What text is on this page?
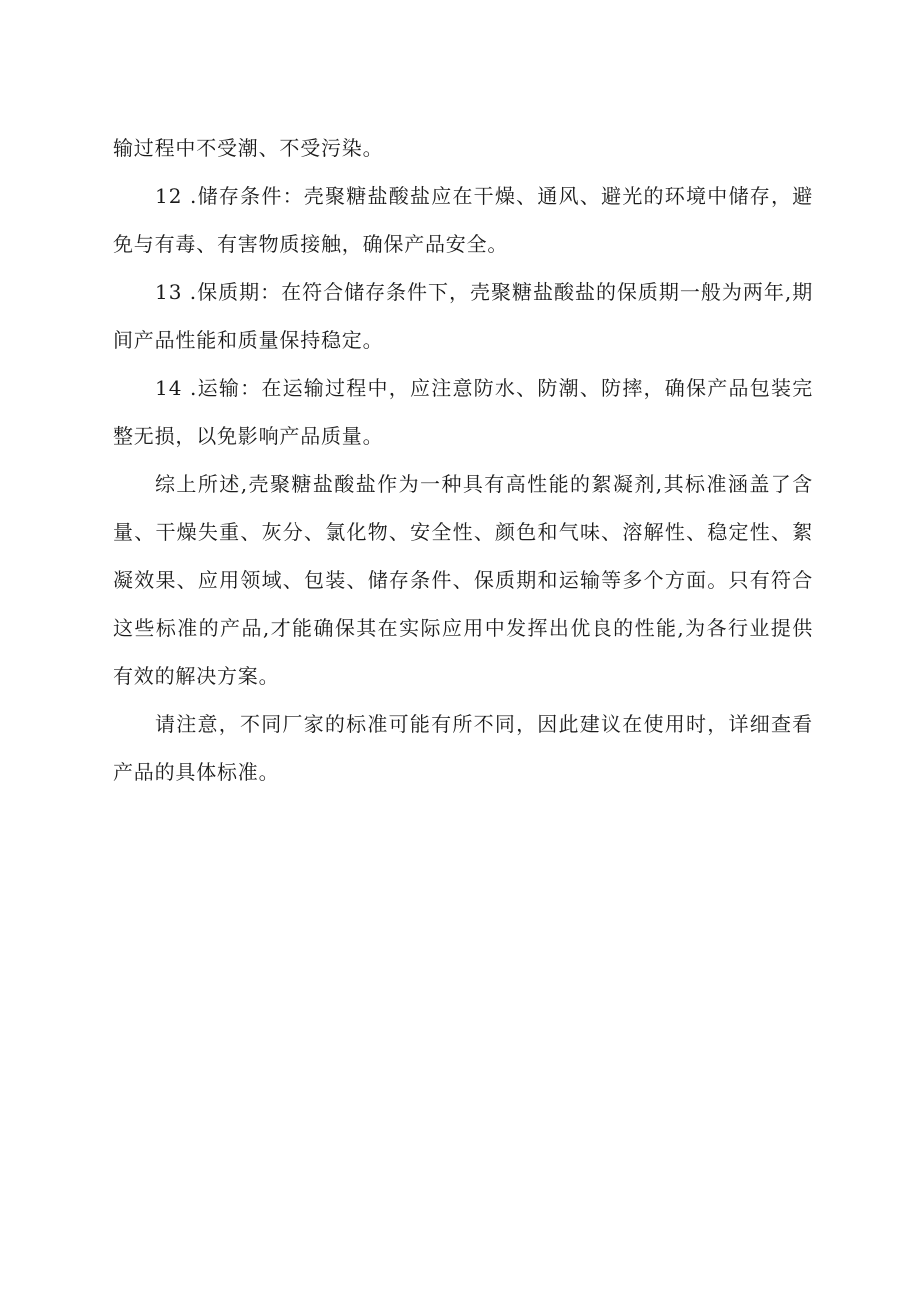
输过程中不受潮、不受污染。

12 .储存条件：壳聚糖盐酸盐应在干燥、通风、避光的环境中储存，避免与有毒、有害物质接触，确保产品安全。

13 .保质期：在符合储存条件下，壳聚糖盐酸盐的保质期一般为两年,期间产品性能和质量保持稳定。

14 .运输：在运输过程中，应注意防水、防潮、防摔，确保产品包装完整无损，以免影响产品质量。

综上所述,壳聚糖盐酸盐作为一种具有高性能的絮凝剂,其标准涵盖了含量、干燥失重、灰分、氯化物、安全性、颜色和气味、溶解性、稳定性、絮凝效果、应用领域、包装、储存条件、保质期和运输等多个方面。只有符合这些标准的产品,才能确保其在实际应用中发挥出优良的性能,为各行业提供有效的解决方案。

请注意，不同厂家的标准可能有所不同，因此建议在使用时，详细查看产品的具体标准。
